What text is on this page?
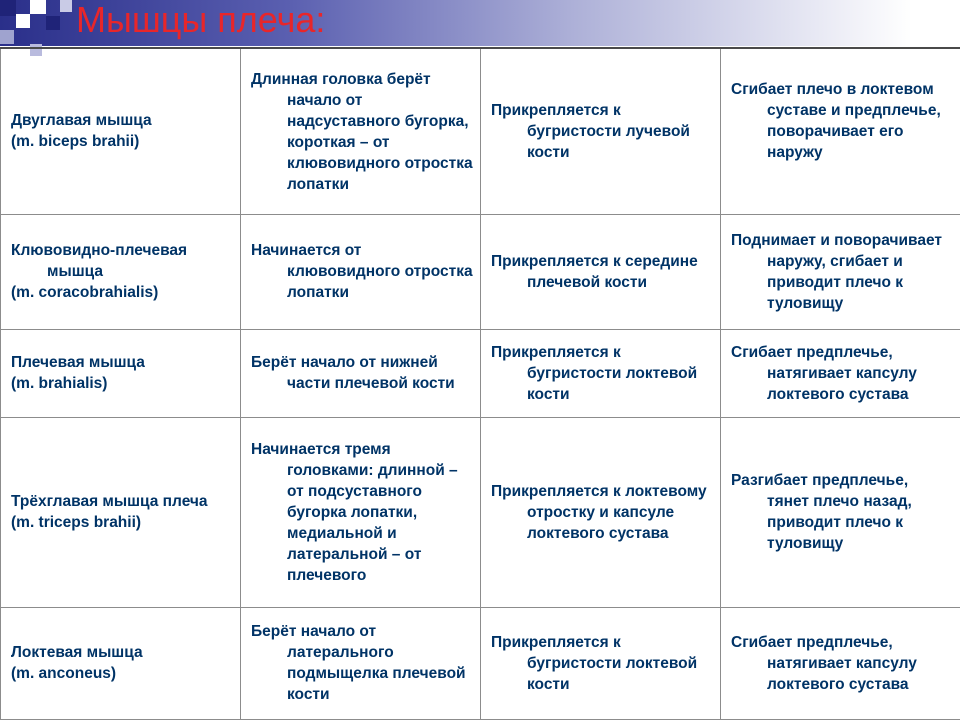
Мышцы плеча:
Двуглавая мышца
(m. biceps brahii)	Длинная головка берёт начало от надсуставного бугорка, короткая – от клювовидного отростка лопатки	Прикрепляется к бугристости лучевой кости	Сгибает плечо в локтевом суставе и предплечье, поворачивает его наружу

Клювовидно-плечевая мышца
(m. coracobrahialis)	Начинается от клювовидного отростка лопатки	Прикрепляется к середине плечевой кости	Поднимает и поворачивает наружу, сгибает и приводит плечо к туловищу

Плечевая мышца
(m. brahialis)	Берёт начало от нижней части плечевой кости	Прикрепляется к бугристости локтевой кости	Сгибает предплечье, натягивает капсулу локтевого сустава

Трёхглавая мышца плеча
(m. triceps brahii)	Начинается тремя головками: длинной – от подсуставного бугорка лопатки, медиальной и латеральной – от плечевого	Прикрепляется к локтевому отростку и капсуле локтевого сустава	Разгибает предплечье, тянет плечо назад, приводит плечо к туловищу

Локтевая мышца
(m. anconeus)	Берёт начало от латерального подмыщелка плечевой кости	Прикрепляется к бугристости локтевой кости	Сгибает предплечье, натягивает капсулу локтевого сустава
